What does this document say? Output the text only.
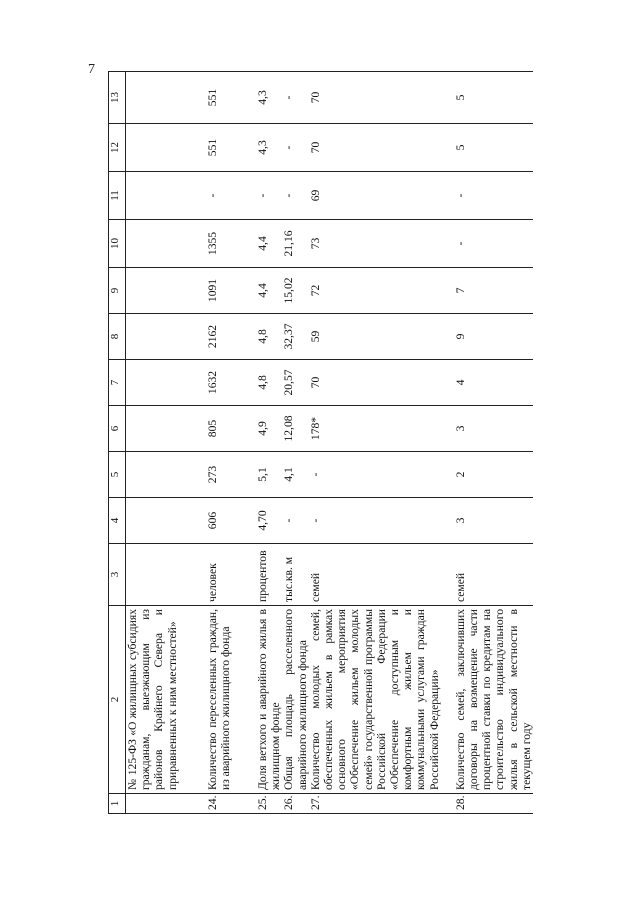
7
1	2	3	4	5	6	7	8	9	10	11	12	13
	№ 125-ФЗ «О жилищных субсидиях гражданам, выезжающим из районов Крайнего Севера и приравненных к ним местностей»											
24.	Количество переселенных граждан, из аварийного жилищного фонда	человек	606	273	805	1632	2162	1091	1355	-	551	551
25.	Доля ветхого и аварийного жилья в жилищном фонде	процентов	4,70	5,1	4,9	4,8	4,8	4,4	4,4	-	4,3	4,3
26.	Общая площадь расселенного аварийного жилищного фонда	тыс.кв. м	-	4,1	12,08	20,57	32,37	15,02	21,16	-	-	-
27.	Количество молодых семей, обеспеченных жильем в рамках основного мероприятия «Обеспечение жильем молодых семей» государственной программы Российской Федерации «Обеспечение доступным и комфортным жильем и коммунальными услугами граждан Российской Федерации»	семей	-	-	178*	70	59	72	73	69	70	70
28.	Количество семей, заключивших договоры на возмещение части процентной ставки по кредитам на строительство индивидуального жилья в сельской местности в текущем году	семей	3	2	3	4	9	7	-	-	5	5
